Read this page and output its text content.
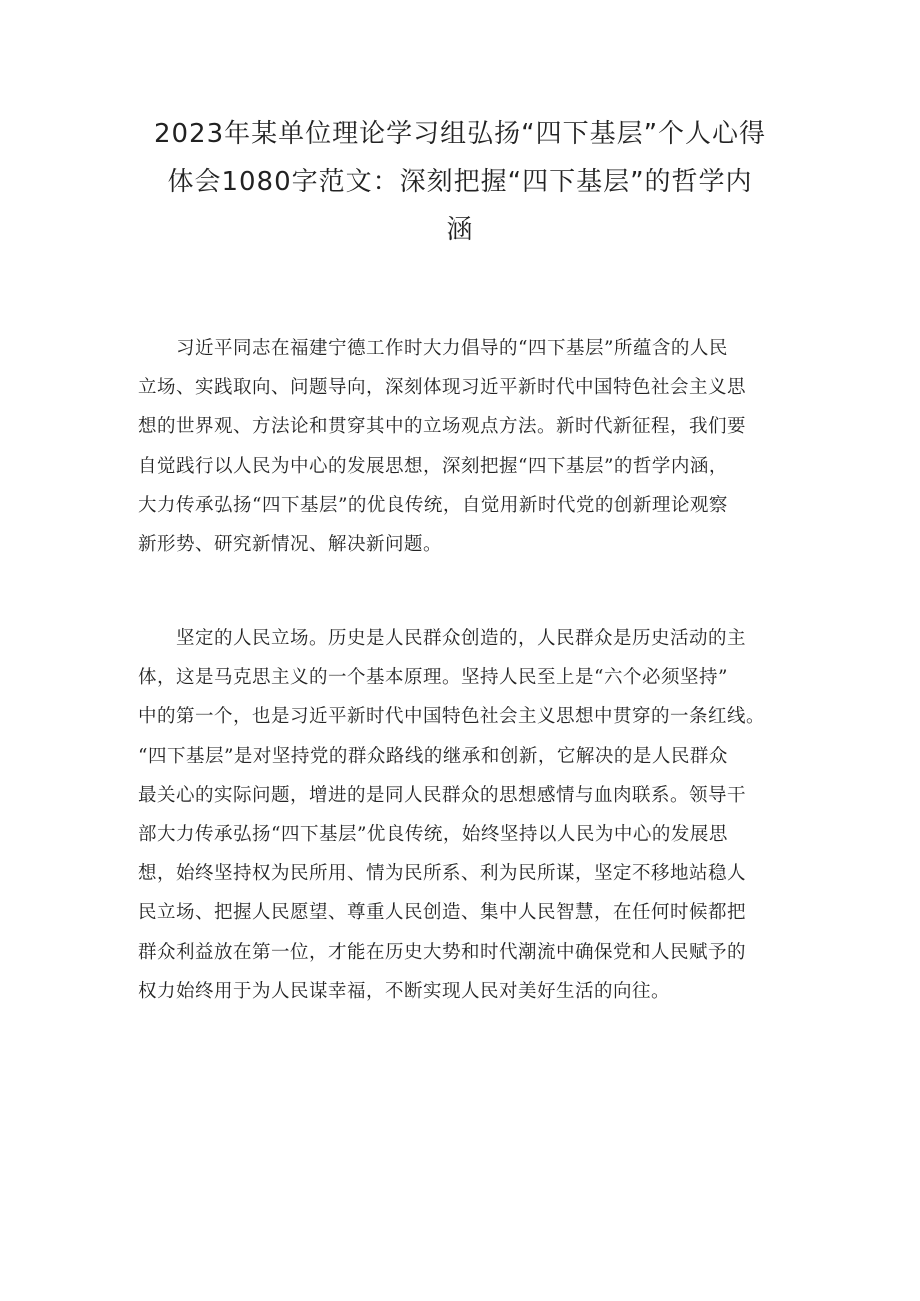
2023年某单位理论学习组弘扬“四下基层”个人心得
体会1080字范文：深刻把握“四下基层”的哲学内
涵
习近平同志在福建宁德工作时大力倡导的“四下基层”所蕴含的人民
立场、实践取向、问题导向，深刻体现习近平新时代中国特色社会主义思
想的世界观、方法论和贯穿其中的立场观点方法。新时代新征程，我们要
自觉践行以人民为中心的发展思想，深刻把握“四下基层”的哲学内涵，
大力传承弘扬“四下基层”的优良传统，自觉用新时代党的创新理论观察
新形势、研究新情况、解决新问题。
坚定的人民立场。历史是人民群众创造的，人民群众是历史活动的主
体，这是马克思主义的一个基本原理。坚持人民至上是“六个必须坚持”
中的第一个，也是习近平新时代中国特色社会主义思想中贯穿的一条红线。
“四下基层”是对坚持党的群众路线的继承和创新，它解决的是人民群众
最关心的实际问题，增进的是同人民群众的思想感情与血肉联系。领导干
部大力传承弘扬“四下基层”优良传统，始终坚持以人民为中心的发展思
想，始终坚持权为民所用、情为民所系、利为民所谋，坚定不移地站稳人
民立场、把握人民愿望、尊重人民创造、集中人民智慧，在任何时候都把
群众利益放在第一位，才能在历史大势和时代潮流中确保党和人民赋予的
权力始终用于为人民谋幸福，不断实现人民对美好生活的向往。
